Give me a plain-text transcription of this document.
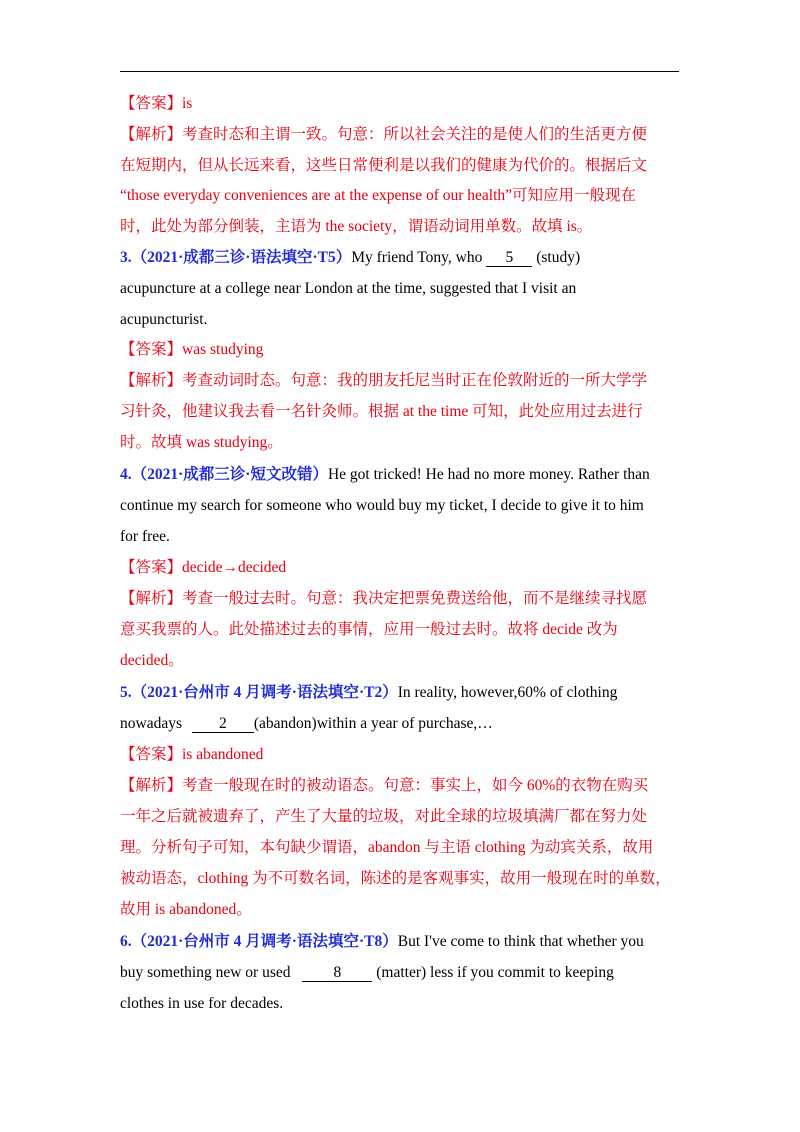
【答案】is
【解析】考查时态和主谓一致。句意：所以社会关注的是使人们的生活更方便
在短期内，但从长远来看，这些日常便利是以我们的健康为代价的。根据后文
“those everyday conveniences are at the expense of our health”可知应用一般现在
时，此处为部分倒装，主语为 the society，谓语动词用单数。故填 is。
3.（2021·成都三诊·语法填空·T5）My friend Tony, who 5 (study)
acupuncture at a college near London at the time, suggested that I visit an
acupuncturist.
【答案】was studying
【解析】考查动词时态。句意：我的朋友托尼当时正在伦敦附近的一所大学学
习针灸，他建议我去看一名针灸师。根据 at the time 可知，此处应用过去进行
时。故填 was studying。
4.（2021·成都三诊·短文改错）He got tricked! He had no more money. Rather than
continue my search for someone who would buy my ticket, I decide to give it to him
for free.
【答案】decide→decided
【解析】考查一般过去时。句意：我决定把票免费送给他，而不是继续寻找愿
意买我票的人。此处描述过去的事情，应用一般过去时。故将 decide 改为
decided。
5.（2021·台州市 4 月调考·语法填空·T2）In reality, however,60% of clothing
nowadays 2 (abandon)within a year of purchase,…
【答案】is abandoned
【解析】考查一般现在时的被动语态。句意：事实上，如今 60%的衣物在购买
一年之后就被遗弃了，产生了大量的垃圾，对此全球的垃圾填满厂都在努力处
理。分析句子可知，本句缺少谓语，abandon 与主语 clothing 为动宾关系，故用
被动语态，clothing 为不可数名词，陈述的是客观事实，故用一般现在时的单数，
故用 is abandoned。
6.（2021·台州市 4 月调考·语法填空·T8）But I've come to think that whether you
buy something new or used	8 (matter) less if you commit to keeping
clothes in use for decades.
